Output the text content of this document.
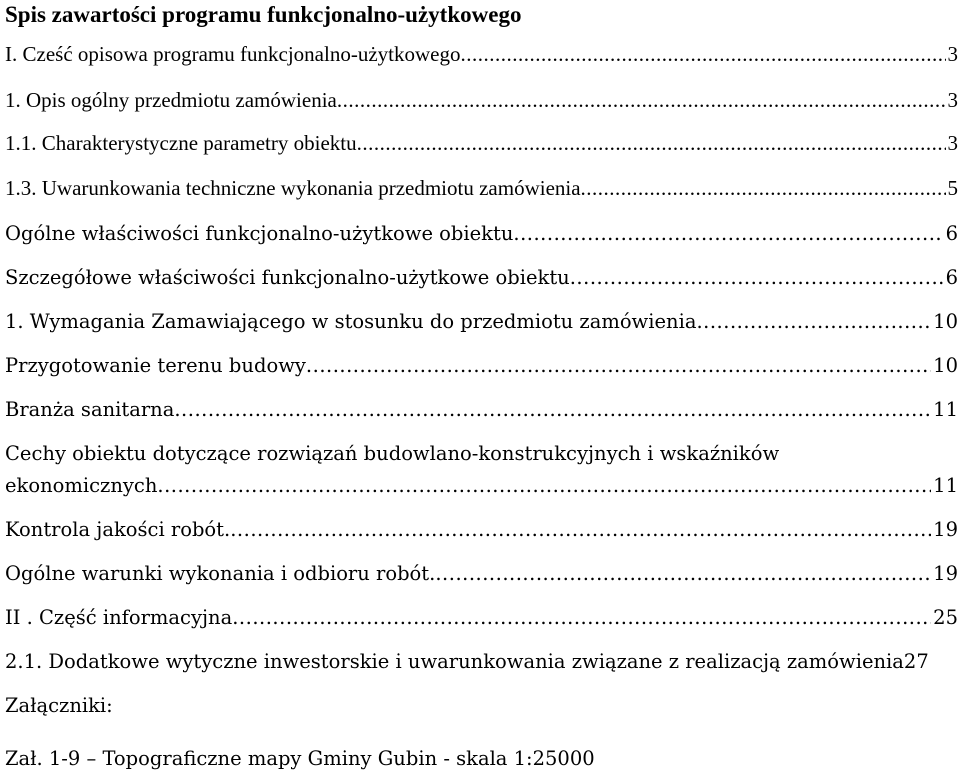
Spis zawartości programu funkcjonalno-użytkowego
I. Cześć opisowa programu funkcjonalno-użytkowego .....	3
1. Opis ogólny przedmiotu zamówienia .....	3
1.1. Charakterystyczne parametry obiektu .....	3
1.3. Uwarunkowania techniczne wykonania przedmiotu zamówienia .....	5
Ogólne właściwości funkcjonalno-użytkowe obiektu .....	6
Szczegółowe właściwości funkcjonalno-użytkowe obiektu .....	6
1. Wymagania Zamawiającego w stosunku do przedmiotu zamówienia .....	10
Przygotowanie terenu budowy .....	10
Branża sanitarna .....	11
Cechy obiektu dotyczące rozwiązań budowlano-konstrukcyjnych i wskaźników
ekonomicznych .....	11
Kontrola jakości robót. .....	19
Ogólne warunki wykonania i odbioru robót. .....	19
II . Część informacyjna .....	25
2.1. Dodatkowe wytyczne inwestorskie i uwarunkowania związane z realizacją zamówienia 27
Załączniki:
Zał. 1-9 – Topograficzne mapy Gminy Gubin - skala 1:25000
